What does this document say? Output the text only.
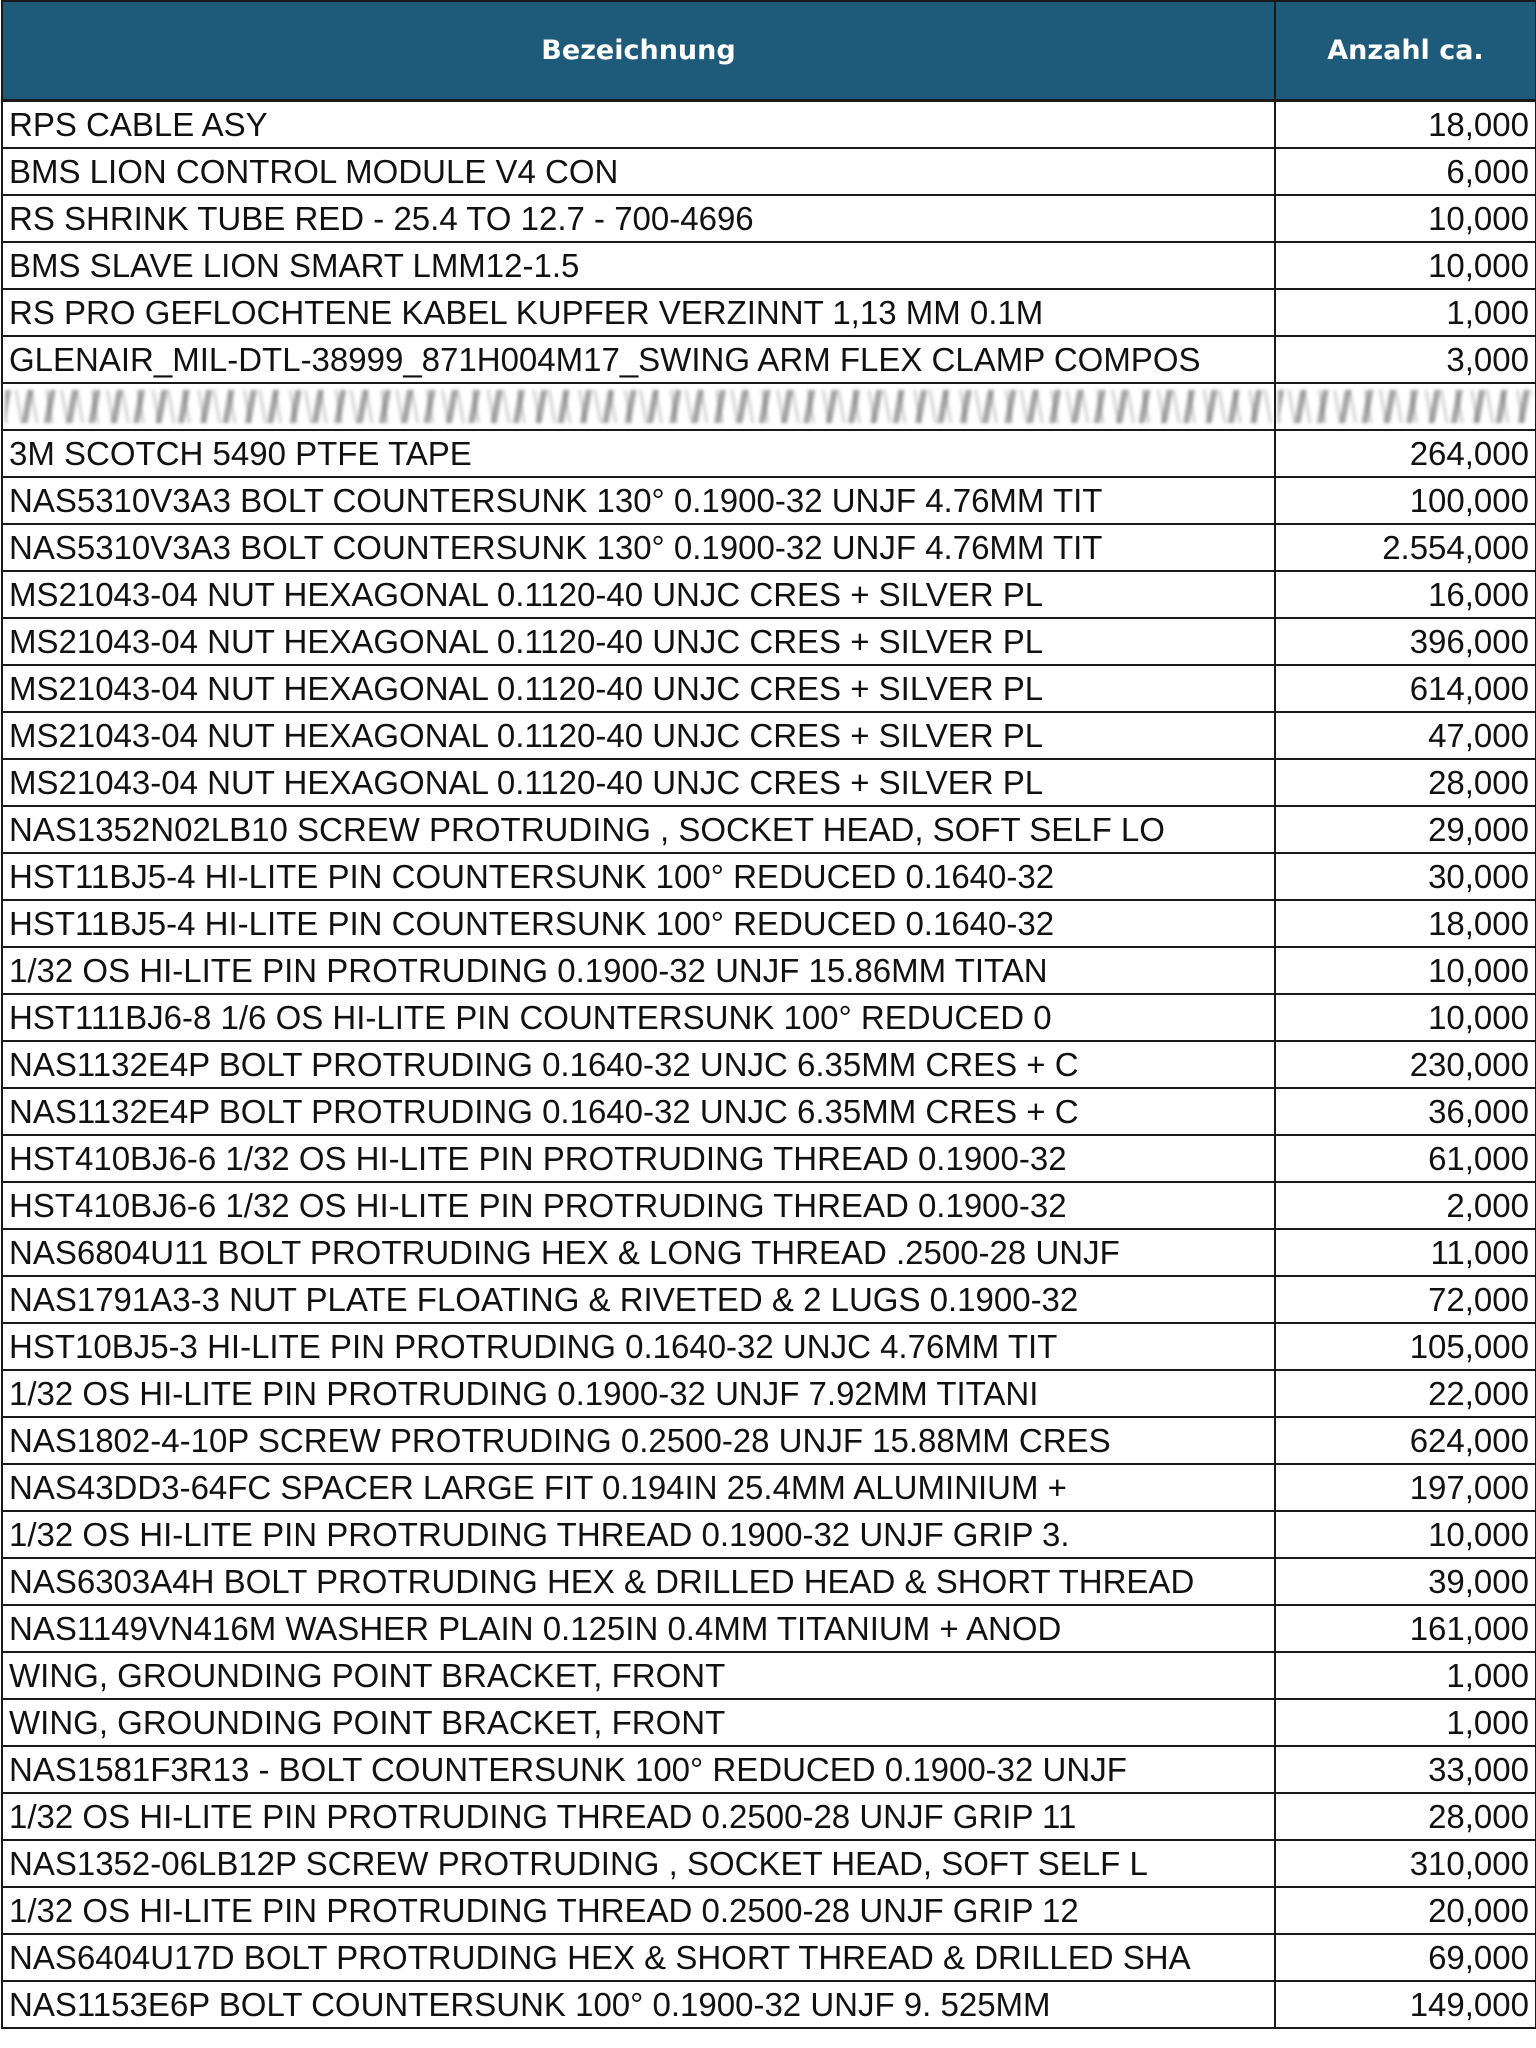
Bezeichnung	Anzahl ca.
RPS CABLE ASY	18,000
BMS LION CONTROL MODULE V4 CON	6,000
RS SHRINK TUBE RED - 25.4 TO 12.7 - 700-4696	10,000
BMS SLAVE LION SMART LMM12-1.5	10,000
RS PRO GEFLOCHTENE KABEL KUPFER VERZINNT 1,13 MM 0.1M	1,000
GLENAIR_MIL-DTL-38999_871H004M17_SWING ARM FLEX CLAMP COMPOS	3,000

3M SCOTCH 5490 PTFE TAPE	264,000
NAS5310V3A3 BOLT COUNTERSUNK 130° 0.1900-32 UNJF 4.76MM TIT	100,000
NAS5310V3A3 BOLT COUNTERSUNK 130° 0.1900-32 UNJF 4.76MM TIT	2.554,000
MS21043-04 NUT HEXAGONAL 0.1120-40 UNJC CRES + SILVER PL	16,000
MS21043-04 NUT HEXAGONAL 0.1120-40 UNJC CRES + SILVER PL	396,000
MS21043-04 NUT HEXAGONAL 0.1120-40 UNJC CRES + SILVER PL	614,000
MS21043-04 NUT HEXAGONAL 0.1120-40 UNJC CRES + SILVER PL	47,000
MS21043-04 NUT HEXAGONAL 0.1120-40 UNJC CRES + SILVER PL	28,000
NAS1352N02LB10 SCREW PROTRUDING , SOCKET HEAD, SOFT SELF LO	29,000
HST11BJ5-4 HI-LITE PIN COUNTERSUNK 100° REDUCED 0.1640-32	30,000
HST11BJ5-4 HI-LITE PIN COUNTERSUNK 100° REDUCED 0.1640-32	18,000
1/32 OS HI-LITE PIN PROTRUDING 0.1900-32 UNJF 15.86MM TITAN	10,000
HST111BJ6-8 1/6 OS HI-LITE PIN COUNTERSUNK 100° REDUCED 0	10,000
NAS1132E4P BOLT PROTRUDING 0.1640-32 UNJC 6.35MM CRES + C	230,000
NAS1132E4P BOLT PROTRUDING 0.1640-32 UNJC 6.35MM CRES + C	36,000
HST410BJ6-6 1/32 OS HI-LITE PIN PROTRUDING THREAD 0.1900-32	61,000
HST410BJ6-6 1/32 OS HI-LITE PIN PROTRUDING THREAD 0.1900-32	2,000
NAS6804U11 BOLT PROTRUDING HEX & LONG THREAD .2500-28 UNJF	11,000
NAS1791A3-3 NUT PLATE FLOATING & RIVETED & 2 LUGS 0.1900-32	72,000
HST10BJ5-3 HI-LITE PIN PROTRUDING 0.1640-32 UNJC 4.76MM TIT	105,000
1/32 OS HI-LITE PIN PROTRUDING 0.1900-32 UNJF 7.92MM TITANI	22,000
NAS1802-4-10P SCREW PROTRUDING 0.2500-28 UNJF 15.88MM CRES	624,000
NAS43DD3-64FC SPACER LARGE FIT 0.194IN 25.4MM ALUMINIUM +	197,000
1/32 OS HI-LITE PIN PROTRUDING THREAD 0.1900-32 UNJF GRIP 3.	10,000
NAS6303A4H BOLT PROTRUDING HEX & DRILLED HEAD & SHORT THREAD	39,000
NAS1149VN416M WASHER PLAIN 0.125IN 0.4MM TITANIUM + ANOD	161,000
WING, GROUNDING POINT BRACKET, FRONT	1,000
WING, GROUNDING POINT BRACKET, FRONT	1,000
NAS1581F3R13 - BOLT COUNTERSUNK 100° REDUCED 0.1900-32 UNJF	33,000
1/32 OS HI-LITE PIN PROTRUDING THREAD 0.2500-28 UNJF GRIP 11	28,000
NAS1352-06LB12P SCREW PROTRUDING , SOCKET HEAD, SOFT SELF L	310,000
1/32 OS HI-LITE PIN PROTRUDING THREAD 0.2500-28 UNJF GRIP 12	20,000
NAS6404U17D BOLT PROTRUDING HEX & SHORT THREAD & DRILLED SHA	69,000
NAS1153E6P BOLT COUNTERSUNK 100° 0.1900-32 UNJF 9. 525MM	149,000
